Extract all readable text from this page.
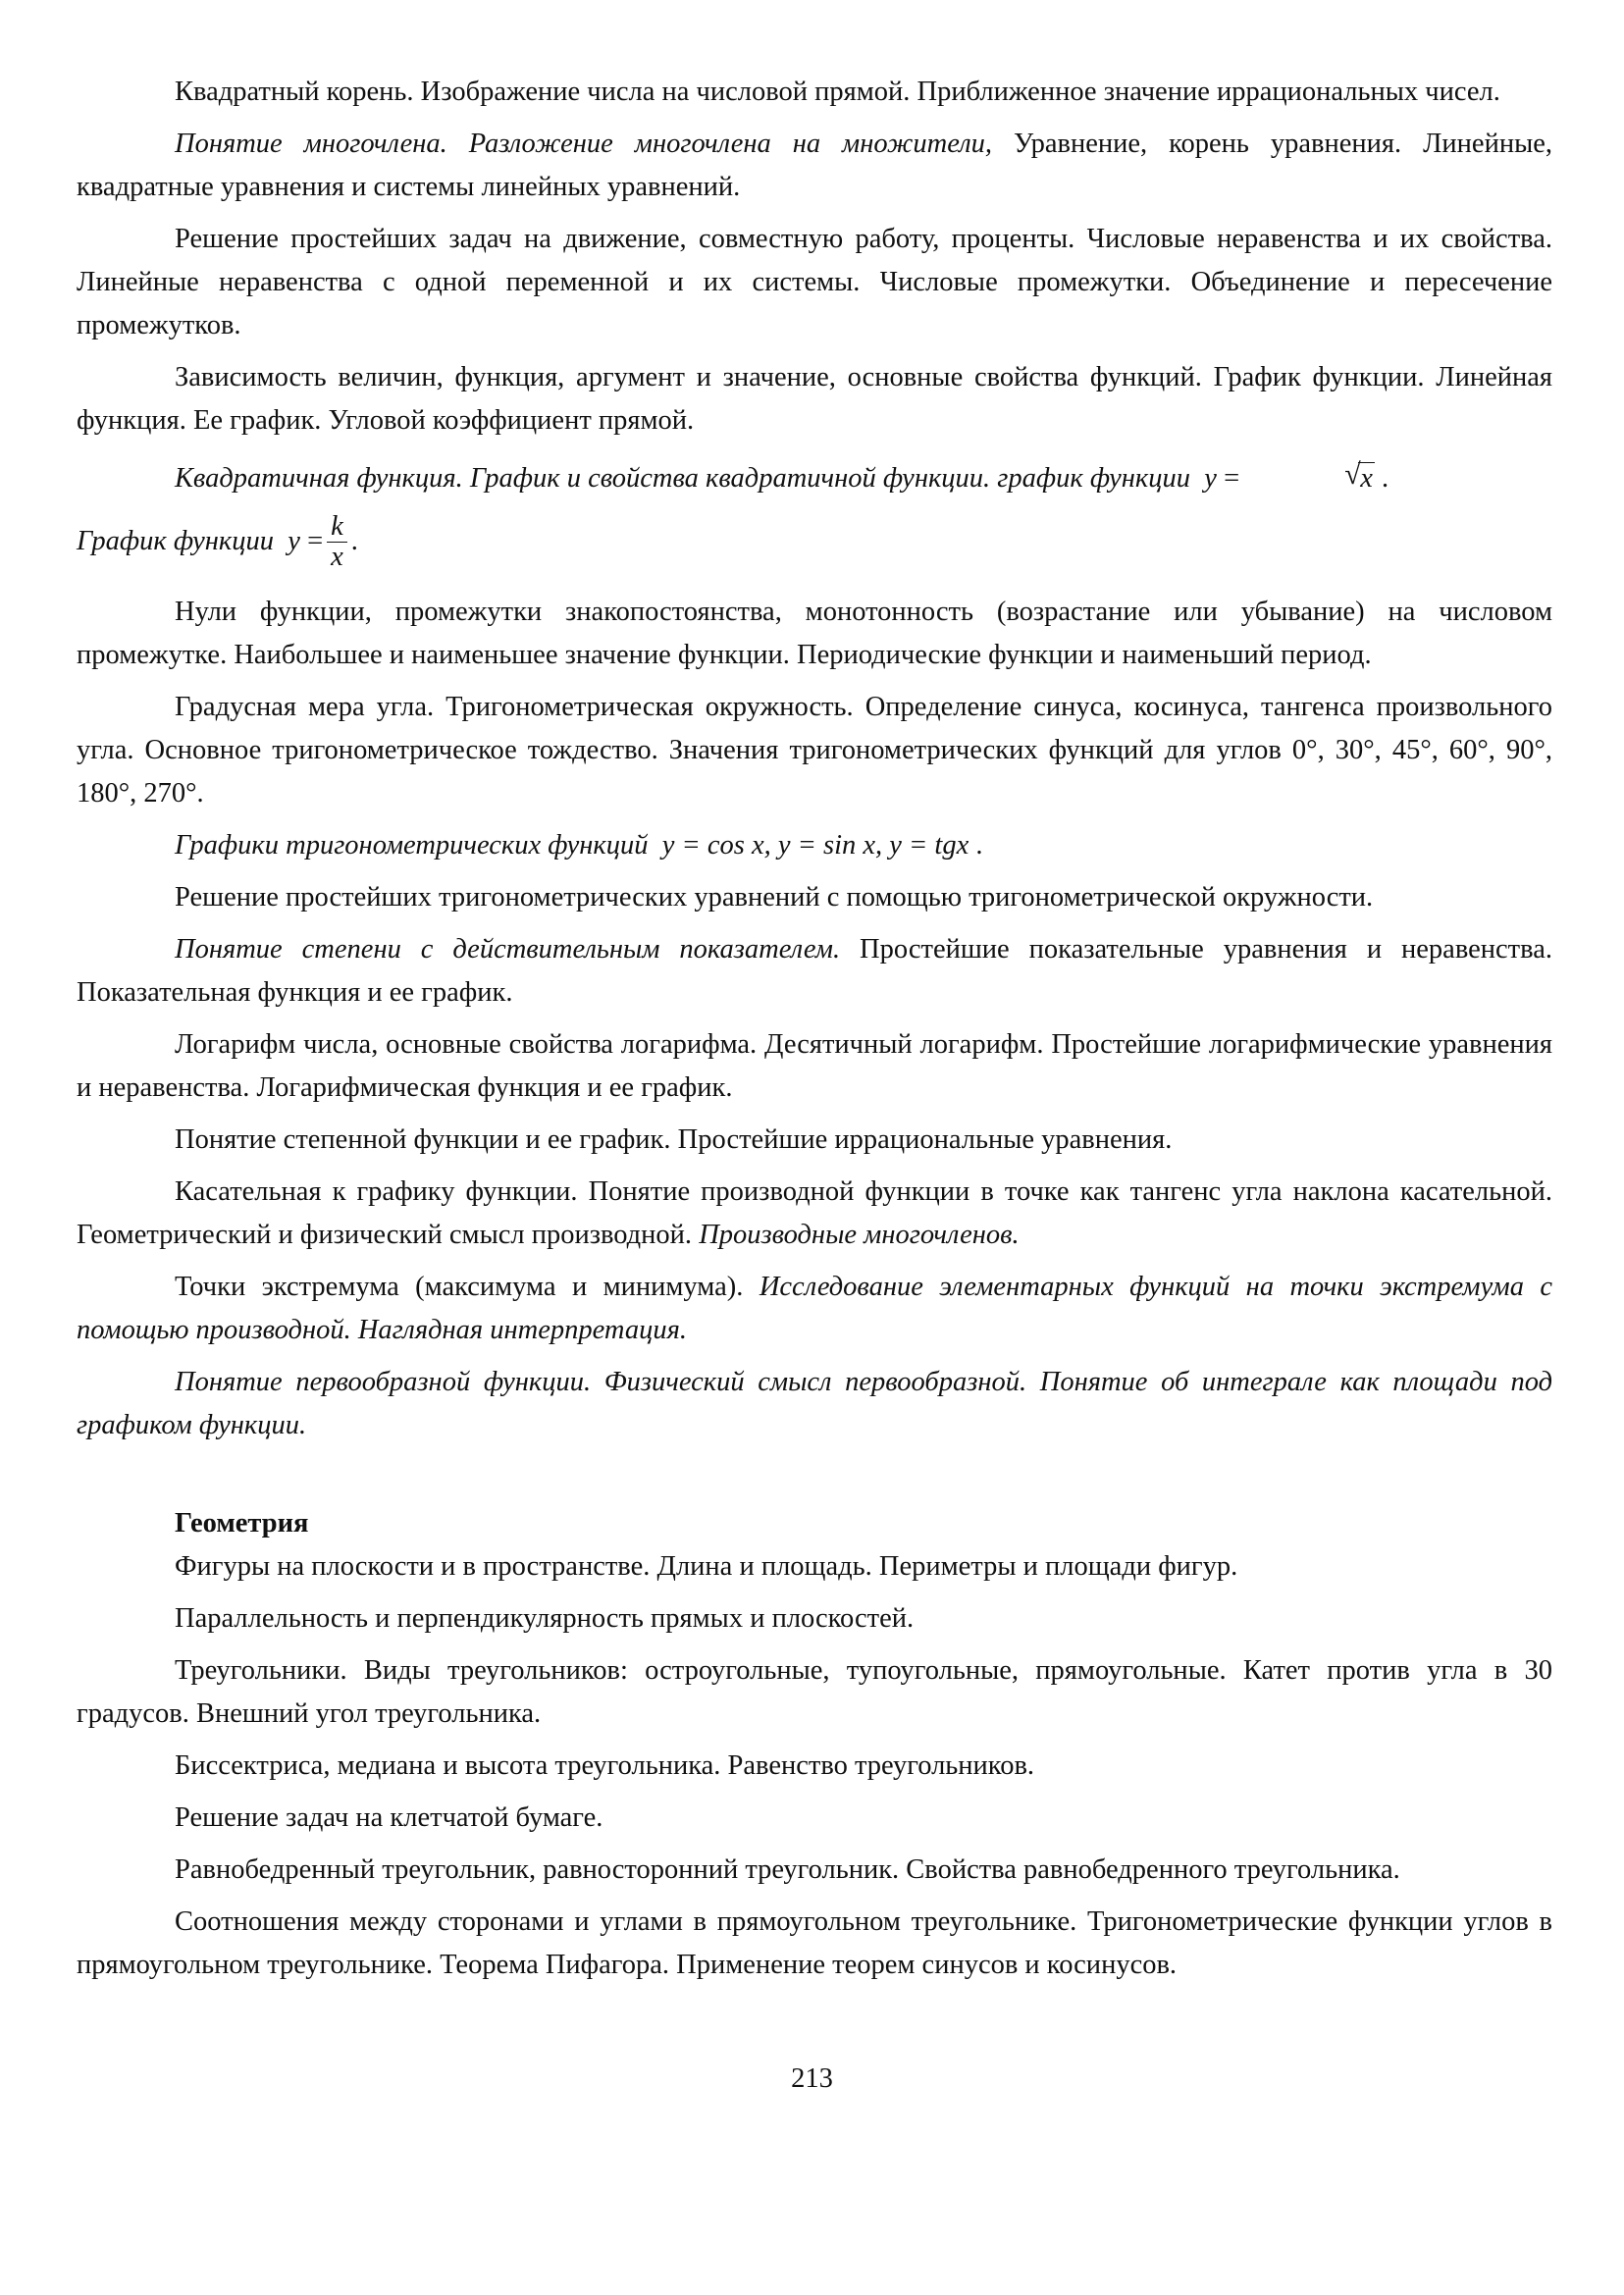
Квадратный корень. Изображение числа на числовой прямой. Приближенное значение иррациональных чисел.

Понятие многочлена. Разложение многочлена на множители, Уравнение, корень уравнения. Линейные, квадратные уравнения и системы линейных уравнений.

Решение простейших задач на движение, совместную работу, проценты. Числовые неравенства и их свойства. Линейные неравенства с одной переменной и их системы. Числовые промежутки. Объединение и пересечение промежутков.

Зависимость величин, функция, аргумент и значение, основные свойства функций. График функции. Линейная функция. Ее график. Угловой коэффициент прямой.

Квадратичная функция. График и свойства квадратичной функции. график функции y =	√ x .

График функции
$y = \frac{k}{x}$ .

Нули функции, промежутки знакопостоянства, монотонность (возрастание или убывание) на числовом промежутке. Наибольшее и наименьшее значение функции. Периодические функции и наименьший период.

Градусная мера угла. Тригонометрическая окружность. Определение синуса, косинуса, тангенса произвольного угла. Основное тригонометрическое тождество. Значения тригонометрических функций для углов 0°, 30°, 45°, 60°, 90°, 180°, 270°.

Графики тригонометрических функций y = cos x, y = sin x, y = tgx .

Решение простейших тригонометрических уравнений с помощью тригонометрической окружности.

Понятие степени с действительным показателем. Простейшие показательные уравнения и неравенства. Показательная функция и ее график.

Логарифм числа, основные свойства логарифма. Десятичный логарифм. Простейшие логарифмические уравнения и неравенства. Логарифмическая функция и ее график.

Понятие степенной функции и ее график. Простейшие иррациональные уравнения.

Касательная к графику функции. Понятие производной функции в точке как тангенс угла наклона касательной. Геометрический и физический смысл производной. Производные многочленов.

Точки экстремума (максимума и минимума). Исследование элементарных функций на точки экстремума с помощью производной. Наглядная интерпретация.

Понятие первообразной функции. Физический смысл первообразной. Понятие об интеграле как площади под графиком функции.

Геометрия

Фигуры на плоскости и в пространстве. Длина и площадь. Периметры и площади фигур.

Параллельность и перпендикулярность прямых и плоскостей.

Треугольники. Виды треугольников: остроугольные, тупоугольные, прямоугольные. Катет против угла в 30 градусов. Внешний угол треугольника.

Биссектриса, медиана и высота треугольника. Равенство треугольников.

Решение задач на клетчатой бумаге.

Равнобедренный треугольник, равносторонний треугольник. Свойства равнобедренного треугольника.

Соотношения между сторонами и углами в прямоугольном треугольнике. Тригонометрические функции углов в прямоугольном треугольнике. Теорема Пифагора. Применение теорем синусов и косинусов.

213
